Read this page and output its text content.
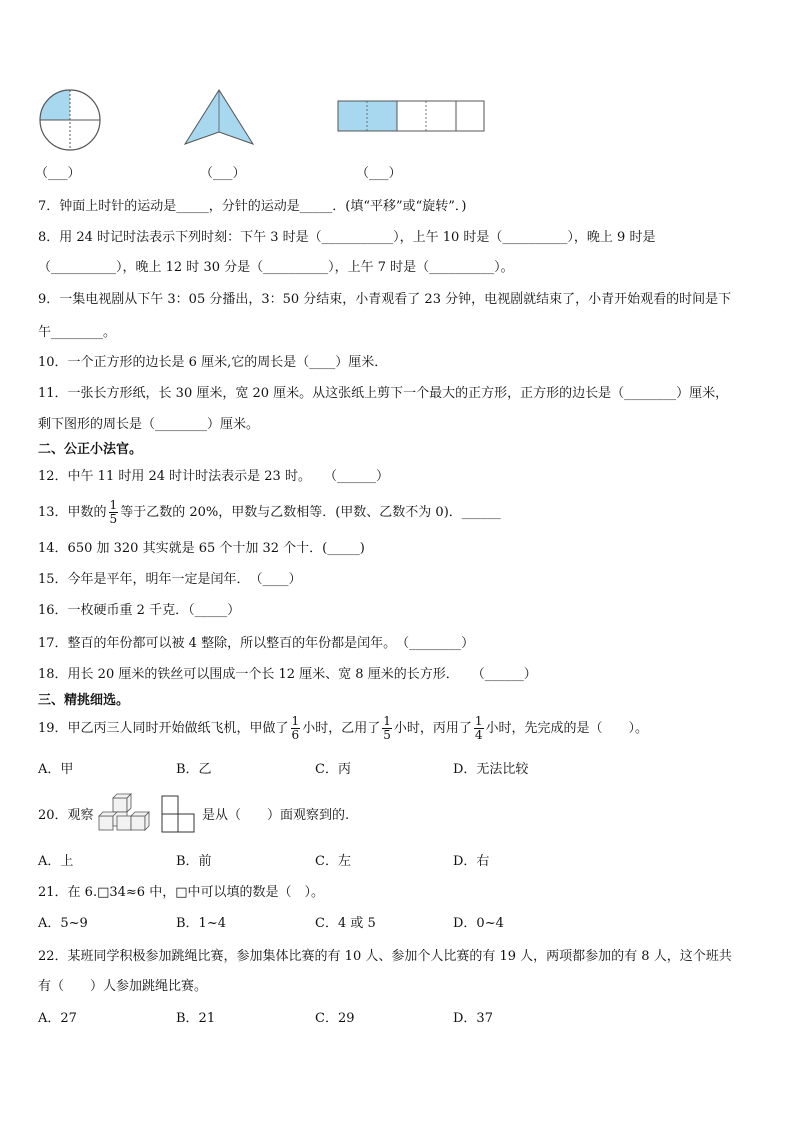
（___）	（___）	（___）
7．钟面上时针的运动是_____，分针的运动是_____．(填“平移”或“旋转”．)
8．用 24 时记时法表示下列时刻：下午 3 时是（___________），上午 10 时是（__________），晚上 9 时是
（__________），晚上 12 时 30 分是（__________），上午 7 时是（__________）。
9．一集电视剧从下午 3：05 分播出，3：50 分结束，小青观看了 23 分钟，电视剧就结束了，小青开始观看的时间是下
午________。
10．一个正方形的边长是 6 厘米,它的周长是（____）厘米．
11．一张长方形纸，长 30 厘米，宽 20 厘米。从这张纸上剪下一个最大的正方形，正方形的边长是（________）厘米，
剩下图形的周长是（________）厘米。
二、公正小法官。
12．中午 11 时用 24 时计时法表示是 23 时。　　（______）
13．甲数的 $\frac{1}{5}$ 等于乙数的 20%，甲数与乙数相等．(甲数、乙数不为 0)．______
14．650 加 320 其实就是 65 个十加 32 个十．(_____)
15．今年是平年，明年一定是闰年．　（____）
16．一枚硬币重 2 千克．（_____）
17．整百的年份都可以被 4 整除，所以整百的年份都是闰年。　（________）
18．用长 20 厘米的铁丝可以围成一个长 12 厘米、宽 8 厘米的长方形．　　（______）
三、精挑细选。
19．甲乙丙三人同时开始做纸飞机，甲做了 $\frac{1}{6}$ 小时，乙用了 $\frac{1}{5}$ 小时，丙用了 $\frac{1}{4}$ 小时，先完成的是（　　）。
A．甲	B．乙	C．丙	D．无法比较
20．观察	是从（　　）面观察到的.
A．上	B．前	C．左	D．右
21．在 6.□34≈6 中，□中可以填的数是（　）。
A．5~9	B．1~4	C．4 或 5	D．0~4
22．某班同学积极参加跳绳比赛，参加集体比赛的有 10 人、参加个人比赛的有 19 人，两项都参加的有 8 人，这个班共
有（　　）人参加跳绳比赛。
A．27	B．21	C．29	D．37
